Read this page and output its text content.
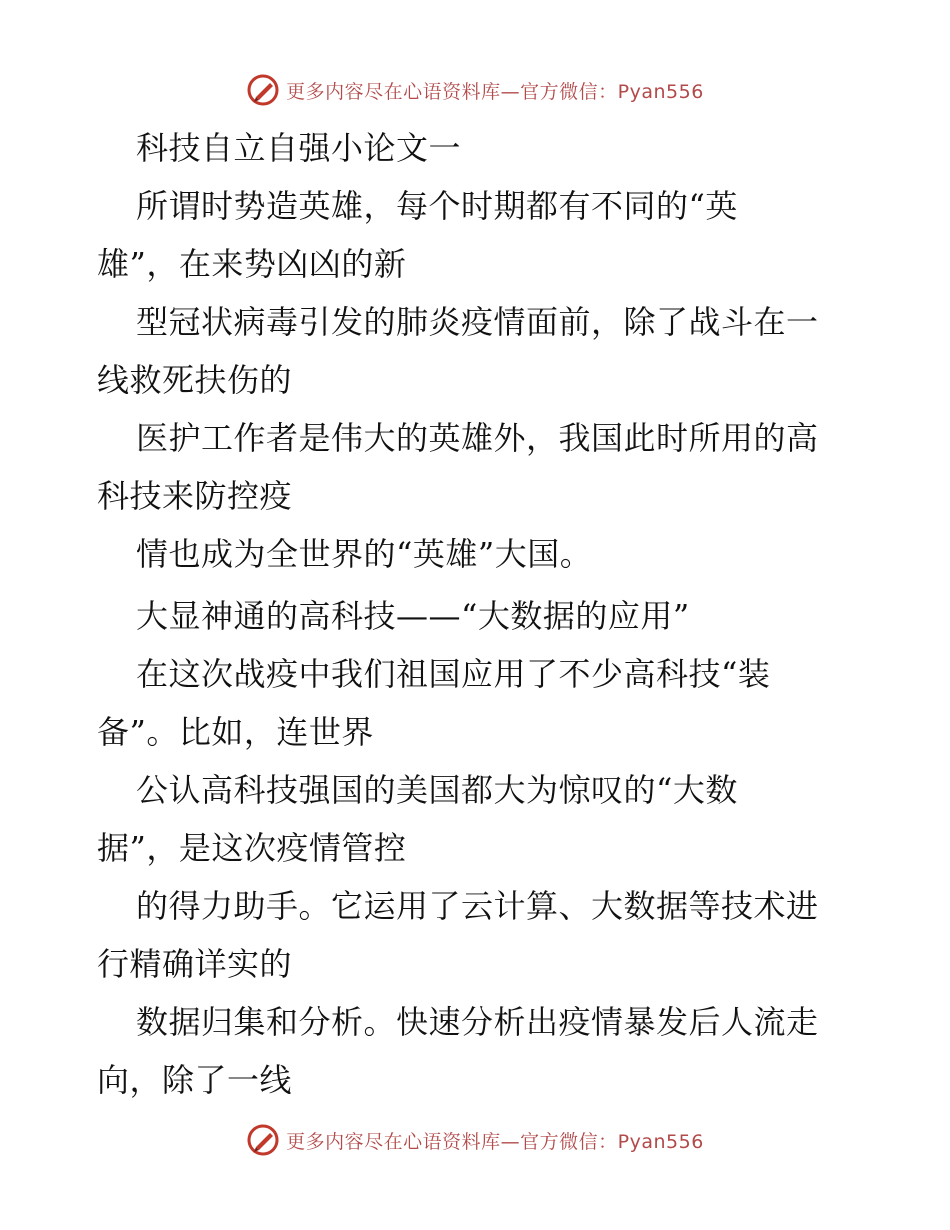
更多内容尽在心语资料库—官方微信：Pyan556
科技自立自强小论文一
所谓时势造英雄，每个时期都有不同的“英
雄”，在来势凶凶的新
型冠状病毒引发的肺炎疫情面前，除了战斗在一
线救死扶伤的
医护工作者是伟大的英雄外，我国此时所用的高
科技来防控疫
情也成为全世界的“英雄”大国。
大显神通的高科技——“大数据的应用”
在这次战疫中我们祖国应用了不少高科技“装
备”。比如，连世界
公认高科技强国的美国都大为惊叹的“大数
据”，是这次疫情管控
的得力助手。它运用了云计算、大数据等技术进
行精确详实的
数据归集和分析。快速分析出疫情暴发后人流走
向，除了一线
更多内容尽在心语资料库—官方微信：Pyan556
